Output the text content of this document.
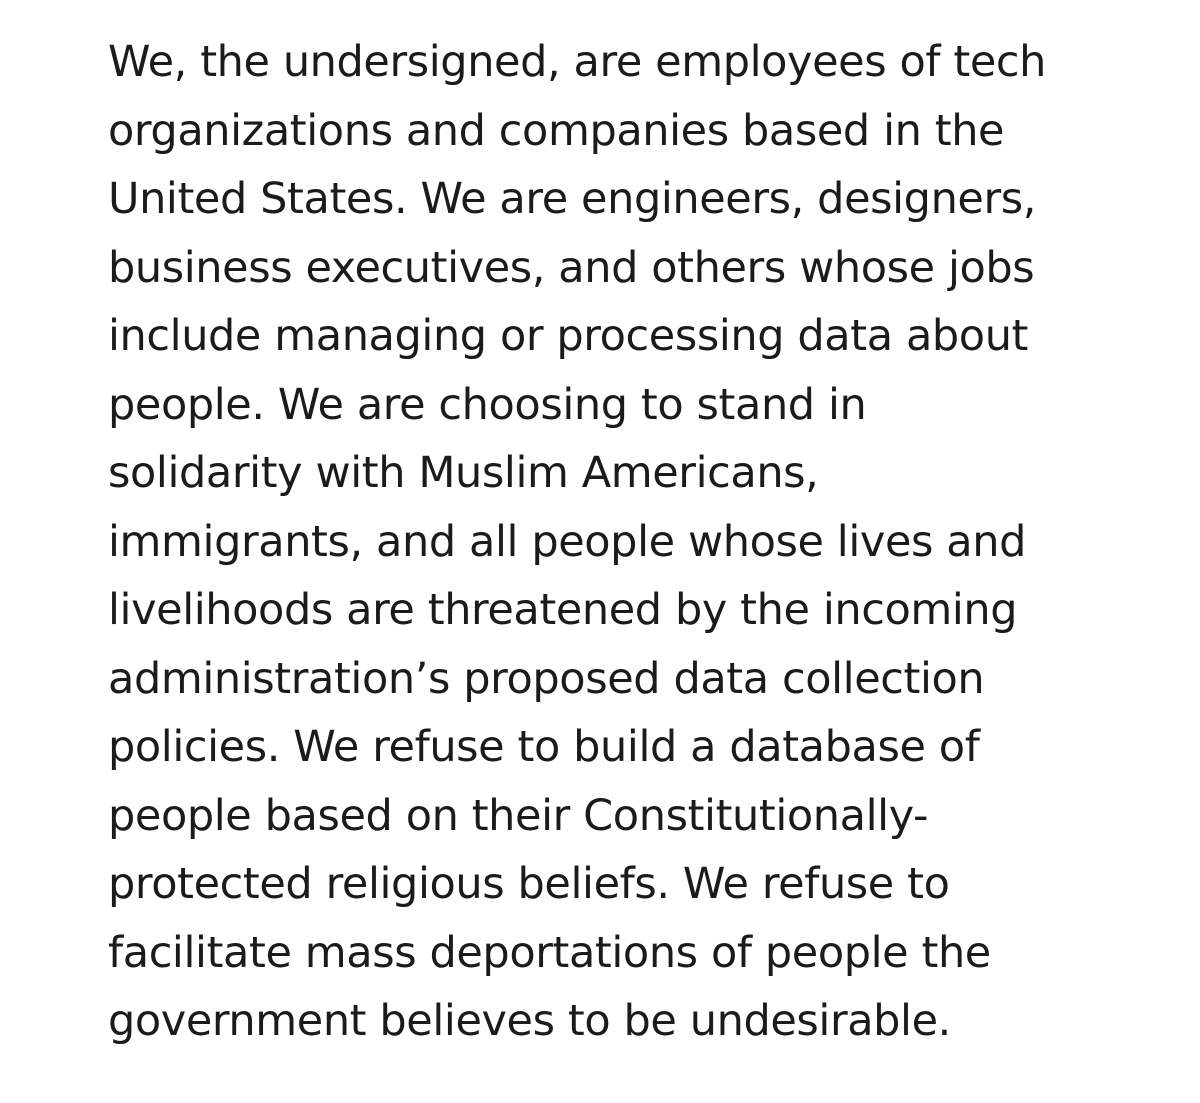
We, the undersigned, are employees of tech
organizations and companies based in the
United States. We are engineers, designers,
business executives, and others whose jobs
include managing or processing data about
people. We are choosing to stand in
solidarity with Muslim Americans,
immigrants, and all people whose lives and
livelihoods are threatened by the incoming
administration’s proposed data collection
policies. We refuse to build a database of
people based on their Constitutionally-
protected religious beliefs. We refuse to
facilitate mass deportations of people the
government believes to be undesirable.
